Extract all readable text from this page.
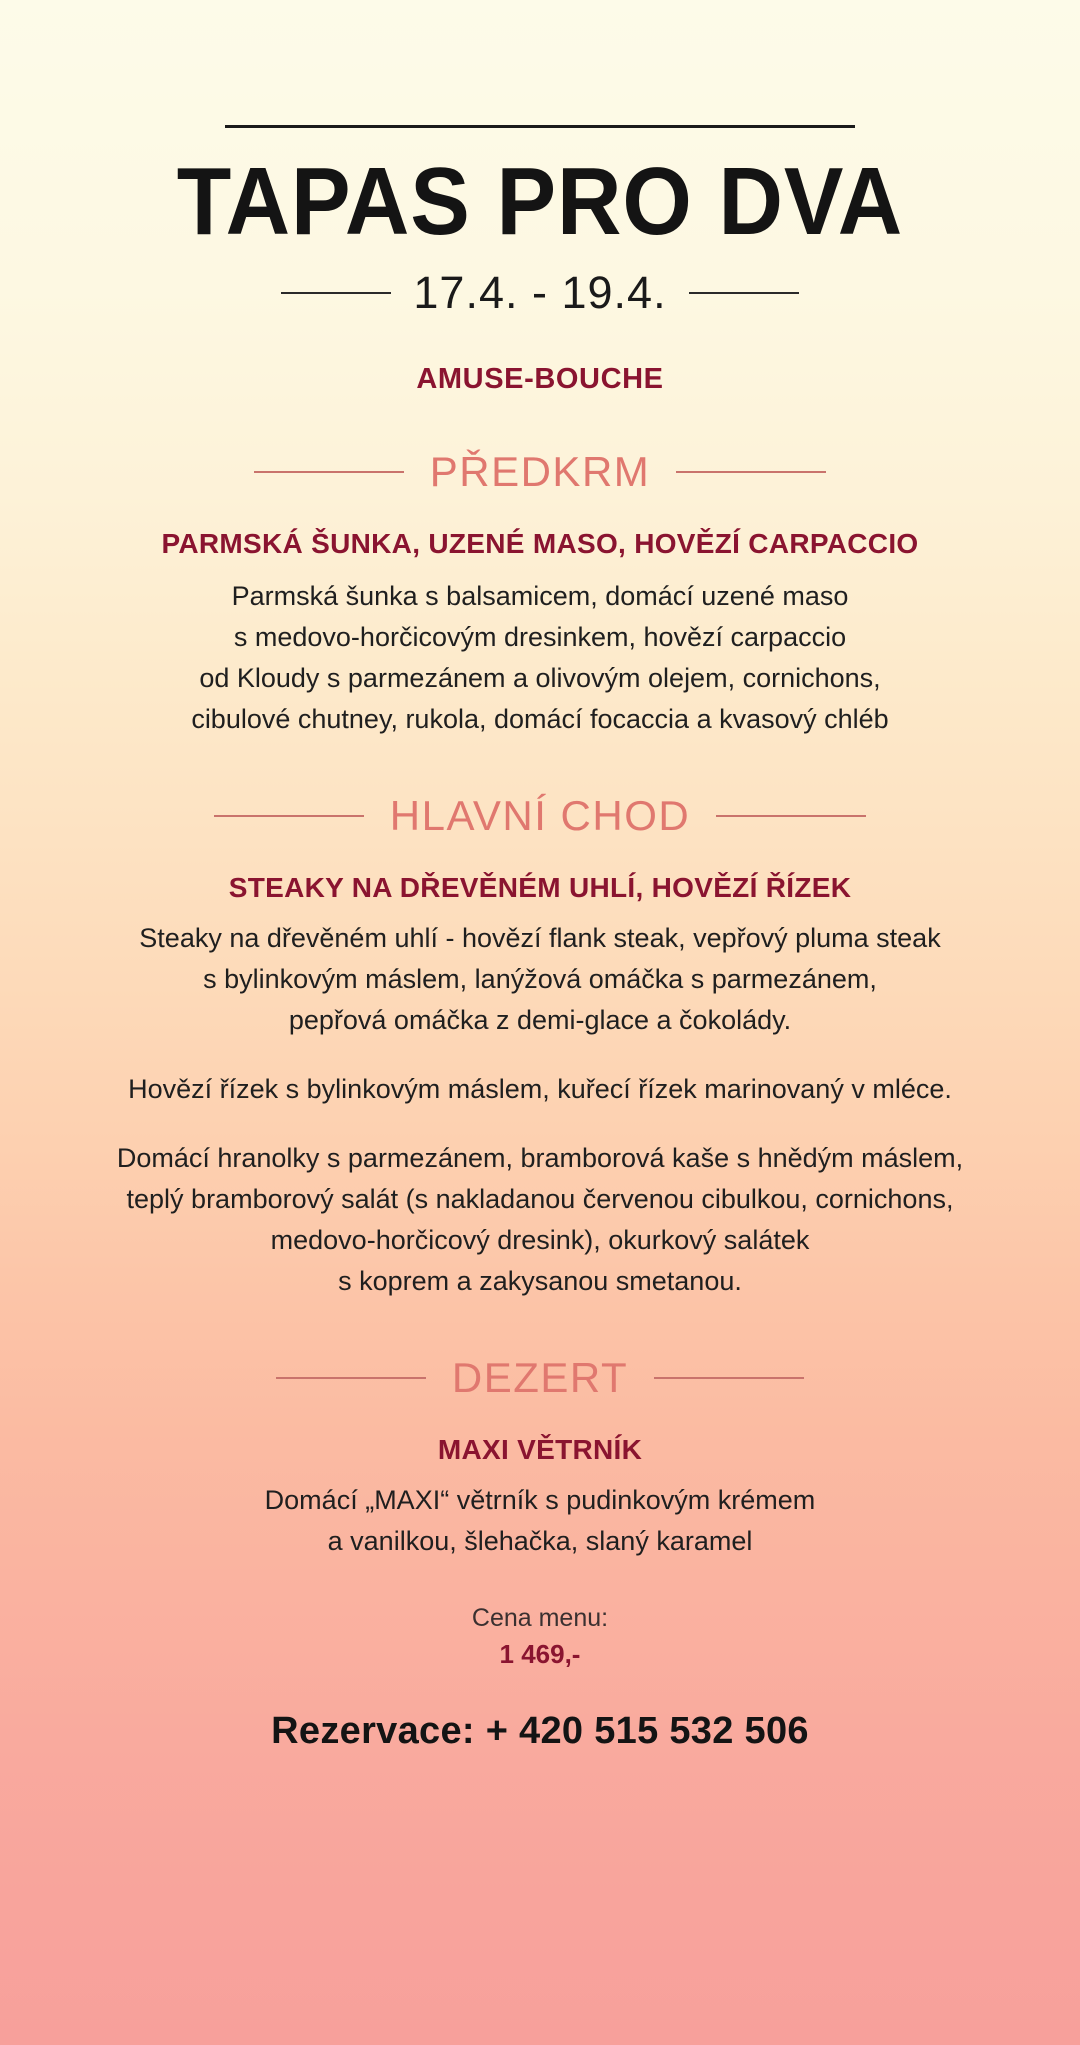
TAPAS PRO DVA
17.4. - 19.4.
AMUSE-BOUCHE
PŘEDKRM
PARMSKÁ ŠUNKA, UZENÉ MASO, HOVĚZÍ CARPACCIO
Parmská šunka s balsamicem, domácí uzené maso
s medovo-horčicovým dresinkem, hovězí carpaccio
od Kloudy s parmezánem a olivovým olejem, cornichons,
cibulové chutney, rukola, domácí focaccia a kvasový chléb
HLAVNÍ CHOD
STEAKY NA DŘEVĚNÉM UHLÍ, HOVĚZÍ ŘÍZEK
Steaky na dřevěném uhlí - hovězí flank steak, vepřový pluma steak
s bylinkovým máslem, lanýžová omáčka s parmezánem,
pepřová omáčka z demi-glace a čokolády.
Hovězí řízek s bylinkovým máslem, kuřecí řízek marinovaný v mléce.
Domácí hranolky s parmezánem, bramborová kaše s hnědým máslem,
teplý bramborový salát (s nakladanou červenou cibulkou, cornichons,
medovo-horčicový dresink), okurkový salátek
s koprem a zakysanou smetanou.
DEZERT
MAXI VĚTRNÍK
Domácí „MAXI“ větrník s pudinkovým krémem
a vanilkou, šlehačka, slaný karamel
Cena menu:
1 469,-
Rezervace: + 420 515 532 506
